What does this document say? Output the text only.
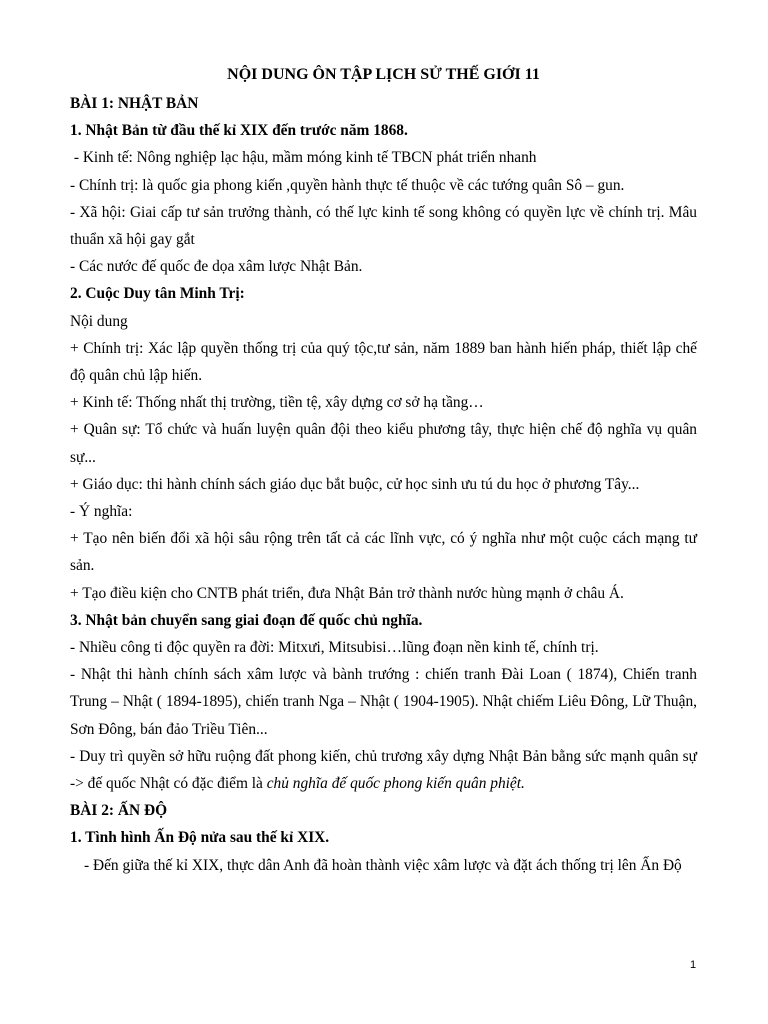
NỘI DUNG ÔN TẬP LỊCH SỬ THẾ GIỚI 11

BÀI 1: NHẬT BẢN

1. Nhật Bản từ đầu thế kỉ XIX đến trước năm 1868.

- Kinh tế: Nông nghiệp lạc hậu, mầm móng kinh tế TBCN phát triển nhanh

- Chính trị: là quốc gia phong kiến ,quyền hành thực tế thuộc về các tướng quân Sô – gun.

- Xã hội: Giai cấp tư sản trưởng thành, có thế lực kinh tế song không có quyền lực về chính trị. Mâu thuẩn xã hội gay gắt

- Các nước đế quốc đe dọa xâm lược Nhật Bản.

2. Cuộc Duy tân Minh Trị:

Nội dung

+ Chính trị: Xác lập quyền thống trị của quý tộc,tư sản, năm 1889 ban hành hiến pháp, thiết lập chế độ quân chủ lập hiến.

+ Kinh tế: Thống nhất thị trường, tiền tệ, xây dựng cơ sở hạ tầng…

+ Quân sự: Tổ chức và huấn luyện quân đội theo kiểu phương tây, thực hiện chế độ nghĩa vụ quân sự...

+ Giáo dục: thi hành chính sách giáo dục bắt buộc, cử học sinh ưu tú du học ở phương Tây...

- Ý nghĩa:

+ Tạo nên biến đổi xã hội sâu rộng trên tất cả các lĩnh vực, có ý nghĩa như một cuộc cách mạng tư sản.

+ Tạo điều kiện cho CNTB phát triển, đưa Nhật Bản trở thành nước hùng mạnh ở châu Á.

3. Nhật bản chuyển sang giai đoạn đế quốc chủ nghĩa.

- Nhiều công ti độc quyền ra đời: Mitxưi, Mitsubisi…lũng đoạn nền kinh tế, chính trị.

- Nhật thi hành chính sách xâm lược và bành trướng : chiến tranh Đài Loan ( 1874), Chiến tranh Trung – Nhật ( 1894-1895), chiến tranh Nga – Nhật ( 1904-1905). Nhật chiếm Liêu Đông, Lữ Thuận, Sơn Đông, bán đảo Triều Tiên...

- Duy trì quyền sở hữu ruộng đất phong kiến, chủ trương xây dựng Nhật Bản bằng sức mạnh quân sự -> đế quốc Nhật có đặc điểm là chủ nghĩa đế quốc phong kiến quân phiệt.

BÀI 2: ẤN ĐỘ

1. Tình hình Ấn Độ nửa sau thế kỉ XIX.

- Đến giữa thế kỉ XIX, thực dân Anh đã hoàn thành việc xâm lược và đặt ách thống trị lên Ấn Độ

1
